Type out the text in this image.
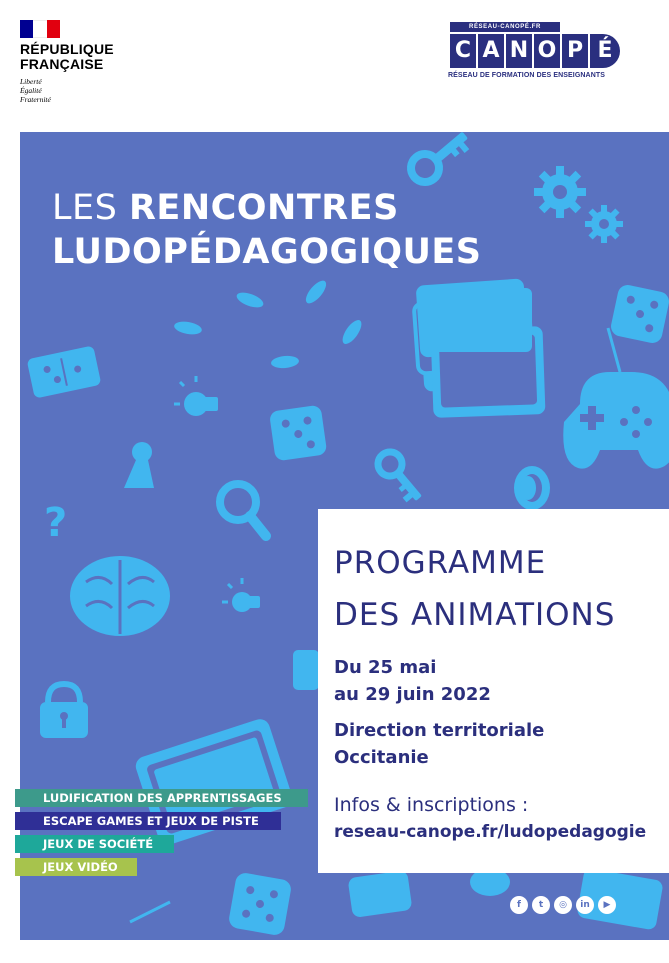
RÉPUBLIQUE
FRANÇAISE
Liberté
Égalité
Fraternité
RÉSEAU-CANOPÉ.FR
C A N O P É
RÉSEAU DE FORMATION DES ENSEIGNANTS
?
LES RENCONTRES
LUDOPÉDAGOGIQUES
PROGRAMME
DES ANIMATIONS
Du 25 mai
au 29 juin 2022
Direction territoriale
Occitanie
Infos & inscriptions :
reseau-canope.fr/ludopedagogie
LUDIFICATION DES APPRENTISSAGES
ESCAPE GAMES ET JEUX DE PISTE
JEUX DE SOCIÉTÉ
JEUX VIDÉO
f	t	◎	in	▶
